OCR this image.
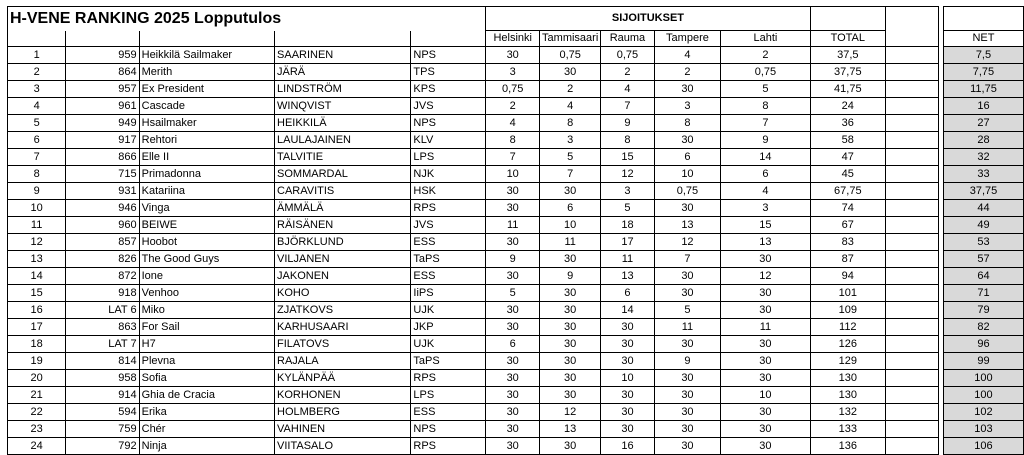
H-VENE RANKING 2025 Lopputulos					SIJOITUKSET								
					Helsinki	Tammisaari	Rauma	Tampere	Lahti	TOTAL			NET
1	959	Heikkilä Sailmaker	SAARINEN	NPS	30	0,75	0,75	4	2	37,5			7,5
2	864	Merith	JÄRÄ	TPS	3	30	2	2	0,75	37,75			7,75
3	957	Ex President	LINDSTRÖM	KPS	0,75	2	4	30	5	41,75			11,75
4	961	Cascade	WINQVIST	JVS	2	4	7	3	8	24			16
5	949	Hsailmaker	HEIKKILÄ	NPS	4	8	9	8	7	36			27
6	917	Rehtori	LAULAJAINEN	KLV	8	3	8	30	9	58			28
7	866	Elle II	TALVITIE	LPS	7	5	15	6	14	47			32
8	715	Primadonna	SOMMARDAL	NJK	10	7	12	10	6	45			33
9	931	Katariina	CARAVITIS	HSK	30	30	3	0,75	4	67,75			37,75
10	946	Vinga	ÄMMÄLÄ	RPS	30	6	5	30	3	74			44
11	960	BEIWE	RÄISÄNEN	JVS	11	10	18	13	15	67			49
12	857	Hoobot	BJÖRKLUND	ESS	30	11	17	12	13	83			53
13	826	The Good Guys	VILJANEN	TaPS	9	30	11	7	30	87			57
14	872	Ione	JAKONEN	ESS	30	9	13	30	12	94			64
15	918	Venhoo	KOHO	IiPS	5	30	6	30	30	101			71
16	LAT 6	Miko	ZJATKOVS	UJK	30	30	14	5	30	109			79
17	863	For Sail	KARHUSAARI	JKP	30	30	30	11	11	112			82
18	LAT 7	H7	FILATOVS	UJK	6	30	30	30	30	126			96
19	814	Plevna	RAJALA	TaPS	30	30	30	9	30	129			99
20	958	Sofia	KYLÄNPÄÄ	RPS	30	30	10	30	30	130			100
21	914	Ghia de Cracia	KORHONEN	LPS	30	30	30	30	10	130			100
22	594	Erika	HOLMBERG	ESS	30	12	30	30	30	132			102
23	759	Chér	VAHINEN	NPS	30	13	30	30	30	133			103
24	792	Ninja	VIITASALO	RPS	30	30	16	30	30	136			106
